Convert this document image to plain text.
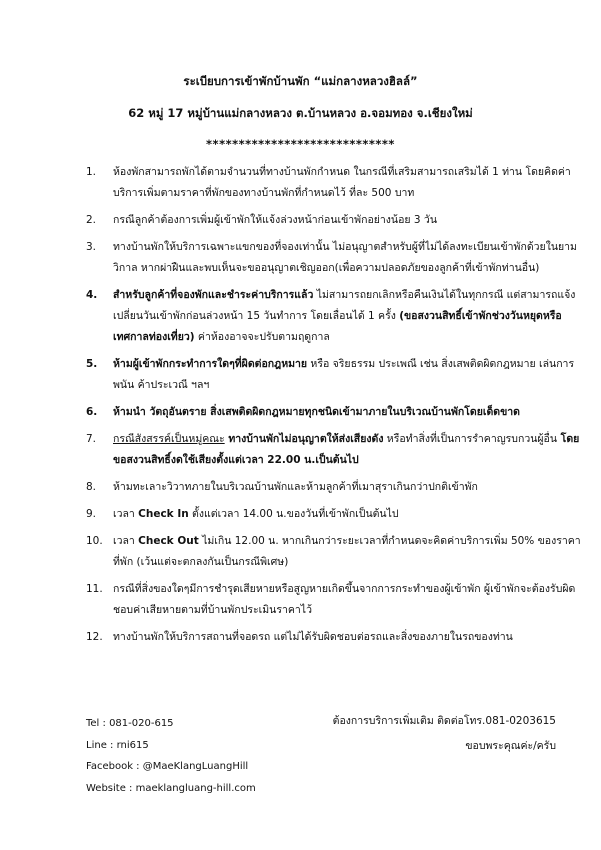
ระเบียบการเข้าพักบ้านพัก “แม่กลางหลวงฮิลล์”
62 หมู่ 17 หมู่บ้านแม่กลางหลวง ต.บ้านหลวง อ.จอมทอง จ.เชียงใหม่
*****************************
1. ห้องพักสามารถพักได้ตามจำนวนที่ทางบ้านพักกำหนด ในกรณีที่เสริมสามารถเสริมได้ 1 ท่าน โดยคิดค่าบริการเพิ่มตามราคาที่พักของทางบ้านพักที่กำหนดไว้ ที่ละ 500 บาท
2. กรณีลูกค้าต้องการเพิ่มผู้เข้าพักให้แจ้งล่วงหน้าก่อนเข้าพักอย่างน้อย 3 วัน
3. ทางบ้านพักให้บริการเฉพาะแขกของที่จองเท่านั้น ไม่อนุญาตสำหรับผู้ที่ไม่ได้ลงทะเบียนเข้าพักด้วยในยามวิกาล หากผ่าฝืนและพบเห็นจะขออนุญาตเชิญออก(เพื่อความปลอดภัยของลูกค้าที่เข้าพักท่านอื่น)
4. สำหรับลูกค้าที่จองพักและชำระค่าบริการแล้ว ไม่สามารถยกเลิกหรือคืนเงินได้ในทุกกรณี แต่สามารถแจ้งเปลี่ยนวันเข้าพักก่อนล่วงหน้า 15 วันทำการ โดยเลื่อนได้ 1 ครั้ง (ขอสงวนสิทธิ์เข้าพักช่วงวันหยุดหรือเทศกาลท่องเที่ยว) ค่าห้องอาจจะปรับตามฤดูกาล
5. ห้ามผู้เข้าพักกระทำการใดๆที่ผิดต่อกฎหมาย หรือ จริยธรรม ประเพณี เช่น สิ่งเสพติดผิดกฎหมาย เล่นการพนัน ค้าประเวณี ฯลฯ
6. ห้ามนำ วัตถุอันตราย สิ่งเสพติดผิดกฎหมายทุกชนิดเข้ามาภายในบริเวณบ้านพักโดยเด็ดขาด
7. กรณีสังสรรค์เป็นหมู่คณะ ทางบ้านพักไม่อนุญาตให้ส่งเสียงดัง หรือทำสิ่งที่เป็นการรำคาญรบกวนผู้อื่น โดยขอสงวนสิทธิ์งดใช้เสียงตั้งแต่เวลา 22.00 น.เป็นต้นไป
8. ห้ามทะเลาะวิวาทภายในบริเวณบ้านพักและห้ามลูกค้าที่เมาสุราเกินกว่าปกติเข้าพัก
9. เวลา Check In ตั้งแต่เวลา 14.00 น.ของวันที่เข้าพักเป็นต้นไป
10. เวลา Check Out ไม่เกิน 12.00 น. หากเกินกว่าระยะเวลาที่กำหนดจะคิดค่าบริการเพิ่ม 50% ของราคาที่พัก (เว้นแต่จะตกลงกันเป็นกรณีพิเศษ)
11. กรณีที่สิ่งของใดๆมีการชำรุดเสียหายหรือสูญหายเกิดขึ้นจากการกระทำของผู้เข้าพัก ผู้เข้าพักจะต้องรับผิดชอบค่าเสียหายตามที่บ้านพักประเมินราคาไว้
12. ทางบ้านพักให้บริการสถานที่จอดรถ แต่ไม่ได้รับผิดชอบต่อรถและสิ่งของภายในรถของท่าน
Tel : 081-020-615
Line : rni615
Facebook : @MaeKlangLuangHill
Website : maeklangluang-hill.com
ต้องการบริการเพิ่มเติม ติดต่อโทร.081-0203615
ขอบพระคุณค่ะ/ครับ
